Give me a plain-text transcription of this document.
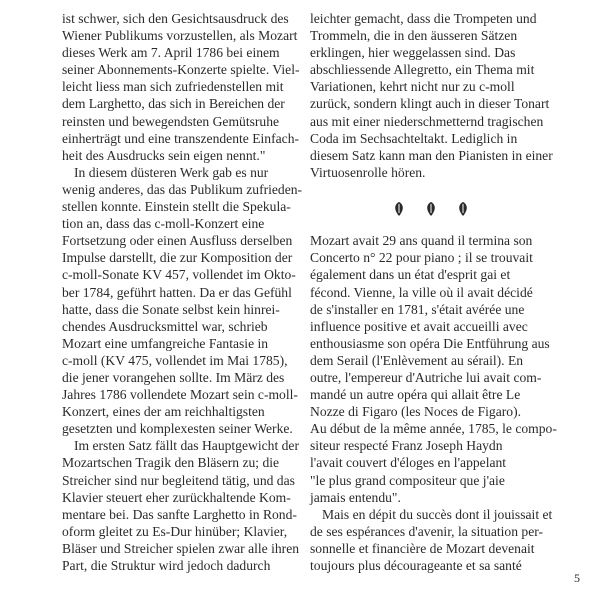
ist schwer, sich den Gesichtsausdruck des
Wiener Publikums vorzustellen, als Mozart
dieses Werk am 7. April 1786 bei einem
seiner Abonnements-Konzerte spielte. Viel-
leicht liess man sich zufriedenstellen mit
dem Larghetto, das sich in Bereichen der
reinsten und bewegendsten Gemütsruhe
einherträgt und eine transzendente Einfach-
heit des Ausdrucks sein eigen nennt."
In diesem düsteren Werk gab es nur
wenig anderes, das das Publikum zufrieden-
stellen konnte. Einstein stellt die Spekula-
tion an, dass das c-moll-Konzert eine
Fortsetzung oder einen Ausfluss derselben
Impulse darstellt, die zur Komposition der
c-moll-Sonate KV 457, vollendet im Okto-
ber 1784, geführt hatten. Da er das Gefühl
hatte, dass die Sonate selbst kein hinrei-
chendes Ausdrucksmittel war, schrieb
Mozart eine umfangreiche Fantasie in
c-moll (KV 475, vollendet im Mai 1785),
die jener vorangehen sollte. Im März des
Jahres 1786 vollendete Mozart sein c-moll-
Konzert, eines der am reichhaltigsten
gesetzten und komplexesten seiner Werke.
Im ersten Satz fällt das Hauptgewicht der
Mozartschen Tragik den Bläsern zu; die
Streicher sind nur begleitend tätig, und das
Klavier steuert eher zurückhaltende Kom-
mentare bei. Das sanfte Larghetto in Rond-
oform gleitet zu Es-Dur hinüber; Klavier,
Bläser und Streicher spielen zwar alle ihren
Part, die Struktur wird jedoch dadurch
leichter gemacht, dass die Trompeten und
Trommeln, die in den äusseren Sätzen
erklingen, hier weggelassen sind. Das
abschliessende Allegretto, ein Thema mit
Variationen, kehrt nicht nur zu c-moll
zurück, sondern klingt auch in dieser Tonart
aus mit einer niederschmetternd tragischen
Coda im Sechsachteltakt. Lediglich in
diesem Satz kann man den Pianisten in einer
Virtuosenrolle hören.
Mozart avait 29 ans quand il termina son
Concerto n° 22 pour piano ; il se trouvait
également dans un état d'esprit gai et
fécond. Vienne, la ville où il avait décidé
de s'installer en 1781, s'était avérée une
influence positive et avait accueilli avec
enthousiasme son opéra Die Entführung aus
dem Serail (l'Enlèvement au sérail). En
outre, l'empereur d'Autriche lui avait com-
mandé un autre opéra qui allait être Le
Nozze di Figaro (les Noces de Figaro).
Au début de la même année, 1785, le compo-
siteur respecté Franz Joseph Haydn
l'avait couvert d'éloges en l'appelant
"le plus grand compositeur que j'aie
jamais entendu".
Mais en dépit du succès dont il jouissait et
de ses espérances d'avenir, la situation per-
sonnelle et financière de Mozart devenait
toujours plus décourageante et sa santé
5
